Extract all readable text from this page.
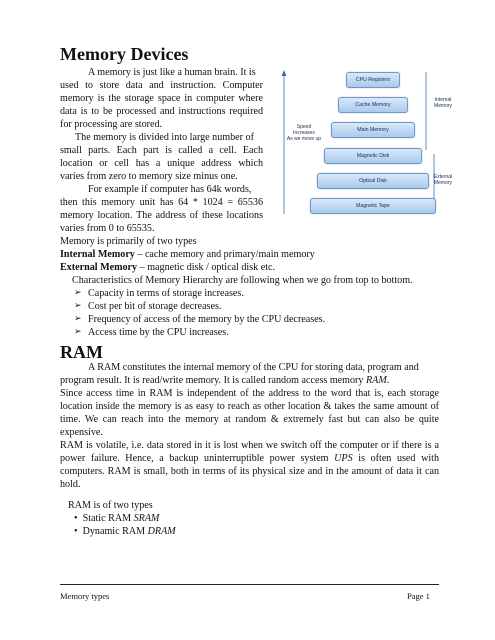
Memory Devices
A memory is just like a human brain. It is
used to store data and instruction. Computer
memory is the storage space in computer where
data is to be processed and instructions required
for processing are stored.
The memory is divided into large number of
small parts. Each part is called a cell. Each
location or cell has a unique address which
varies from zero to memory size minus one.
For example if computer has 64k words,
then this memory unit has 64 * 1024 = 65536
memory location. The address of these locations
varies from 0 to 65535.
Memory is primarily of two types
Internal Memory – cache memory and primary/main memory
External Memory – magnetic disk / optical disk etc.
Characteristics of Memory Hierarchy are following when we go from top to bottom.
➢ Capacity in terms of storage increases.
➢ Cost per bit of storage decreases.
➢ Frequency of access of the memory by the CPU decreases.
➢ Access time by the CPU increases.
RAM
A RAM constitutes the internal memory of the CPU for storing data, program and
program result. It is read/write memory. It is called random access memory RAM.
Since access time in RAM is independent of the address to the word that is, each storage
location inside the memory is as easy to reach as other location & takes the same amount of
time. We can reach into the memory at random & extremely fast but can also be quite
expensive.
RAM is volatile, i.e. data stored in it is lost when we switch off the computer or if there is a
power failure. Hence, a backup uninterruptible power system UPS is often used with
computers. RAM is small, both in terms of its physical size and in the amount of data it can
hold.
RAM is of two types
•  Static RAM SRAM
•  Dynamic RAM DRAM
CPU Registers
Cache Memory
Main Memory
Magnetic Disk
Optical Disk
Magnetic Tape
Speed
Increases
As we move up
Internal
Memory
External
Memory
Memory types	Page 1
